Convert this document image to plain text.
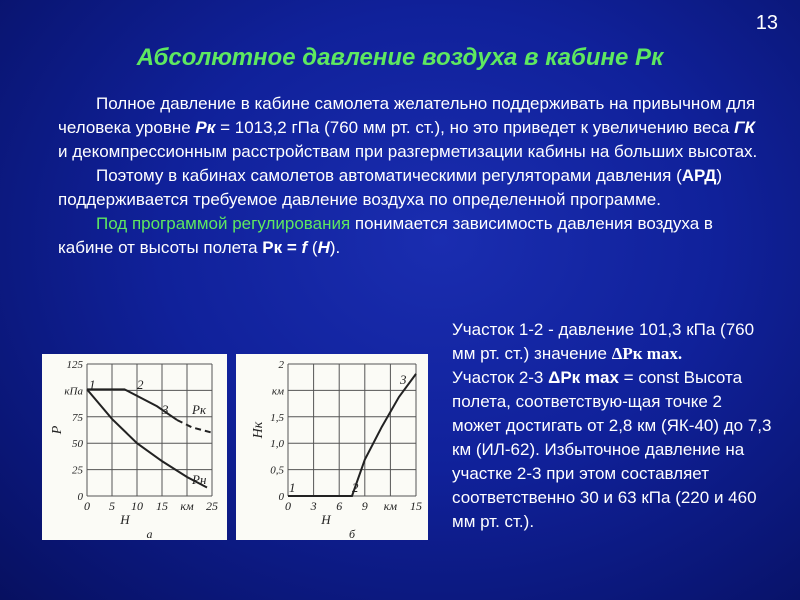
13
Абсолютное давление воздуха в кабине Рк

Полное давление в кабине самолета желательно поддерживать на привычном для человека уровне Рк = 1013,2 гПа (760 мм рт. ст.), но это приведет к увеличению веса ГК и декомпрессионным расстройствам при разгерметизации кабины на больших высотах.

Поэтому в кабинах самолетов автоматическими регуляторами давления (АРД) поддерживается требуемое давление воздуха по определенной программе.

Под программой регулирования понимается зависимость давления воздуха в кабине от высоты полета Рк = f (Н).

Участок 1-2 - давление 101,3 кПа (760 мм рт. ст.) значение ΔPк max.
Участок 2-3 ΔPк max = const Высота полета, соответствую-щая точке 2 может достигать от 2,8 км (ЯК-40) до 7,3 км (ИЛ-62). Избыточное давление на участке 2-3 при этом составляет соответственно 30 и 63 кПа (220 и 460 мм рт. ст.).
0 5 10 15 км 25
125
кПа
75
50
25
0
P
Н
а
1	2
3 Рк
Рн
0 3 6 9 км 15
2
км
1,5
1,0
0,5
0
Нк
Н
б
1	2
3
